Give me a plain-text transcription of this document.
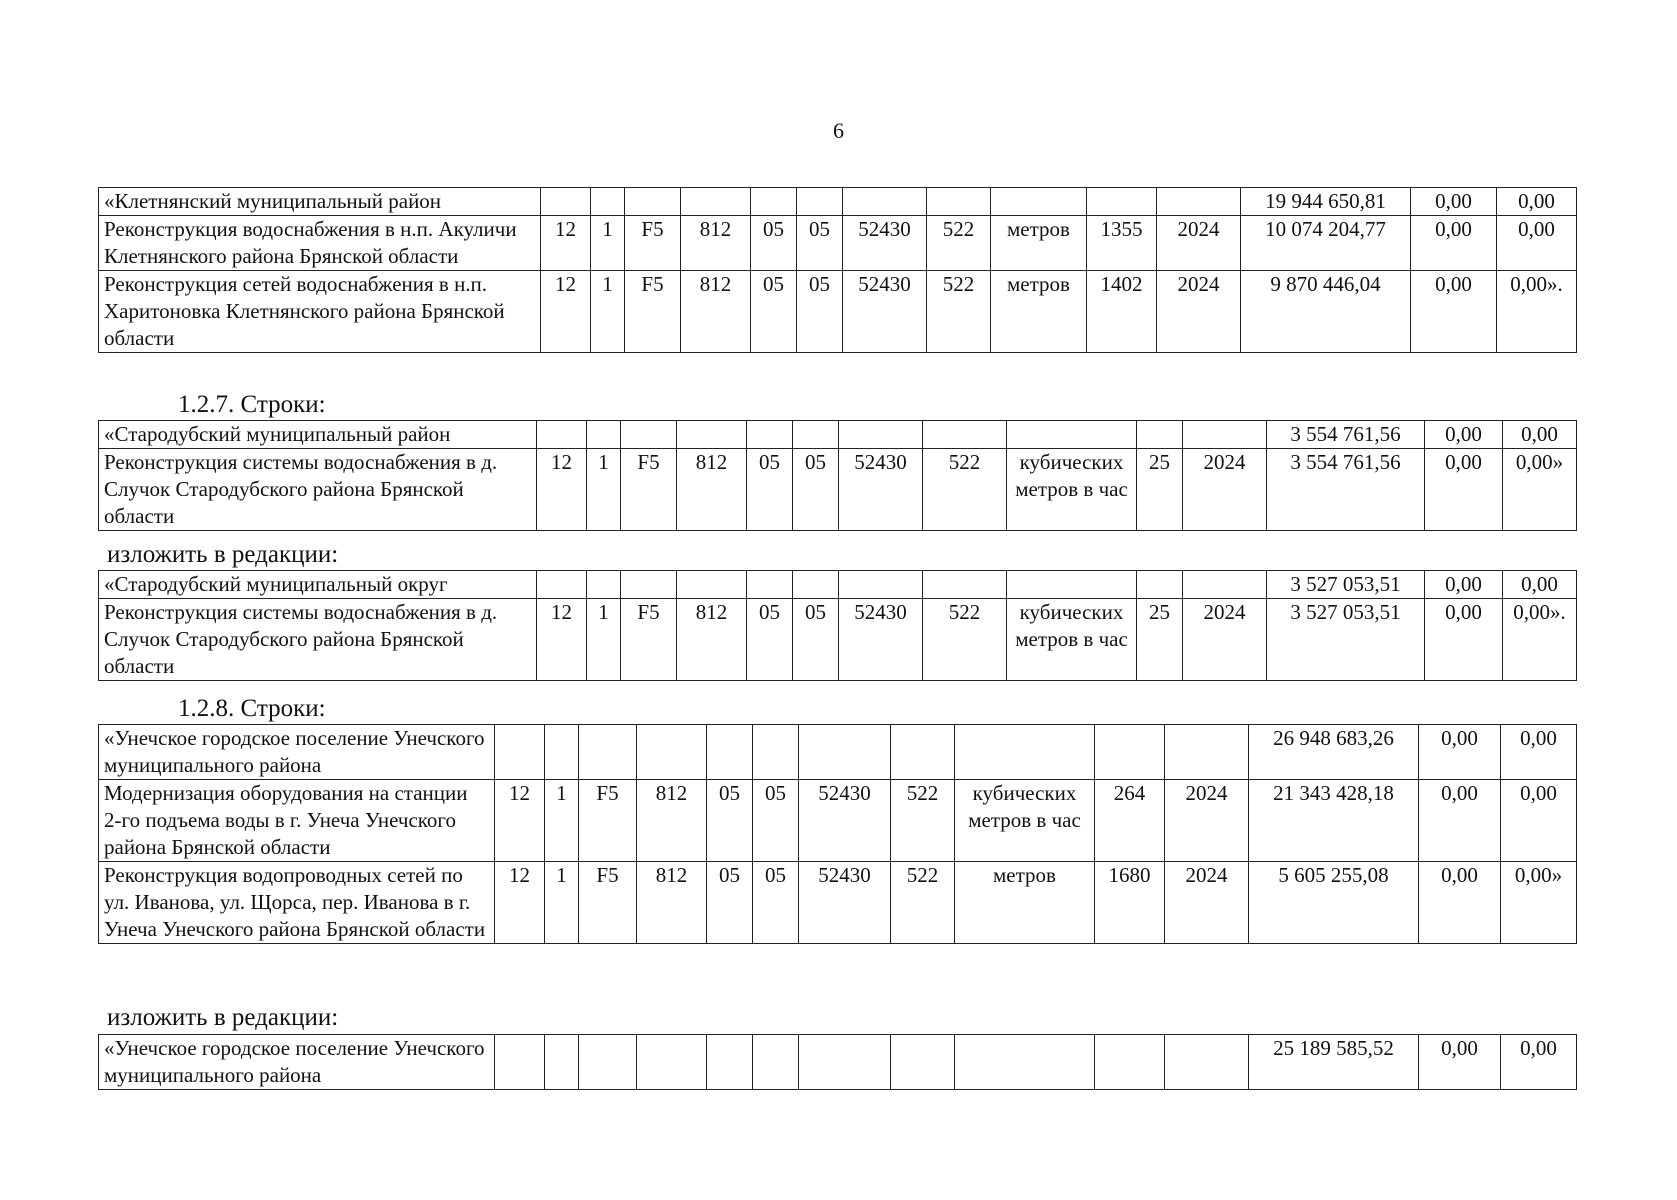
6
«Клетнянский муниципальный район												19 944 650,81	0,00	0,00
Реконструкция водоснабжения в н.п. Акуличи Клетнянского района Брянской области	12	1	F5	812	05	05	52430	522	метров	1355	2024	10 074 204,77	0,00	0,00
Реконструкция сетей водоснабжения в н.п. Харитоновка Клетнянского района Брянской области	12	1	F5	812	05	05	52430	522	метров	1402	2024	9 870 446,04	0,00	0,00».
1.2.7. Строки:
«Стародубский муниципальный район												3 554 761,56	0,00	0,00
Реконструкция системы водоснабжения в д. Случок Стародубского района Брянской области	12	1	F5	812	05	05	52430	522	кубических метров в час	25	2024	3 554 761,56	0,00	0,00»
изложить в редакции:
«Стародубский муниципальный округ												3 527 053,51	0,00	0,00
Реконструкция системы водоснабжения в д. Случок Стародубского района Брянской области	12	1	F5	812	05	05	52430	522	кубических метров в час	25	2024	3 527 053,51	0,00	0,00».
1.2.8. Строки:
«Унечское городское поселение Унечского муниципального района												26 948 683,26	0,00	0,00
Модернизация оборудования на станции 2-го подъема воды в г. Унеча Унечского района Брянской области	12	1	F5	812	05	05	52430	522	кубических метров в час	264	2024	21 343 428,18	0,00	0,00
Реконструкция водопроводных сетей по ул. Иванова, ул. Щорса, пер. Иванова в г. Унеча Унечского района Брянской области	12	1	F5	812	05	05	52430	522	метров	1680	2024	5 605 255,08	0,00	0,00»
изложить в редакции:
«Унечское городское поселение Унечского муниципального района												25 189 585,52	0,00	0,00
